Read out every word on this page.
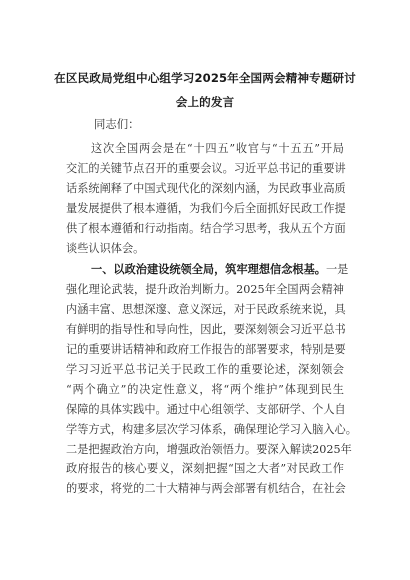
在区民政局党组中心组学习2025年全国两会精神专题研讨
会上的发言
同志们：
这次全国两会是在“十四五”收官与“十五五”开局
交汇的关键节点召开的重要会议。习近平总书记的重要讲
话系统阐释了中国式现代化的深刻内涵，为民政事业高质
量发展提供了根本遵循，为我们今后全面抓好民政工作提
供了根本遵循和行动指南。结合学习思考，我从五个方面
谈些认识体会。
一、以政治建设统领全局，筑牢理想信念根基。一是
强化理论武装，提升政治判断力。2025年全国两会精神
内涵丰富、思想深邃、意义深远，对于民政系统来说，具
有鲜明的指导性和导向性，因此，要深刻领会习近平总书
记的重要讲话精神和政府工作报告的部署要求，特别是要
学习习近平总书记关于民政工作的重要论述，深刻领会
“两个确立”的决定性意义，将“两个维护”体现到民生
保障的具体实践中。通过中心组领学、支部研学、个人自
学等方式，构建多层次学习体系，确保理论学习入脑入心。
二是把握政治方向，增强政治领悟力。要深入解读2025年
政府报告的核心要义，深刻把握“国之大者”对民政工作
的要求，将党的二十大精神与两会部署有机结合，在社会
